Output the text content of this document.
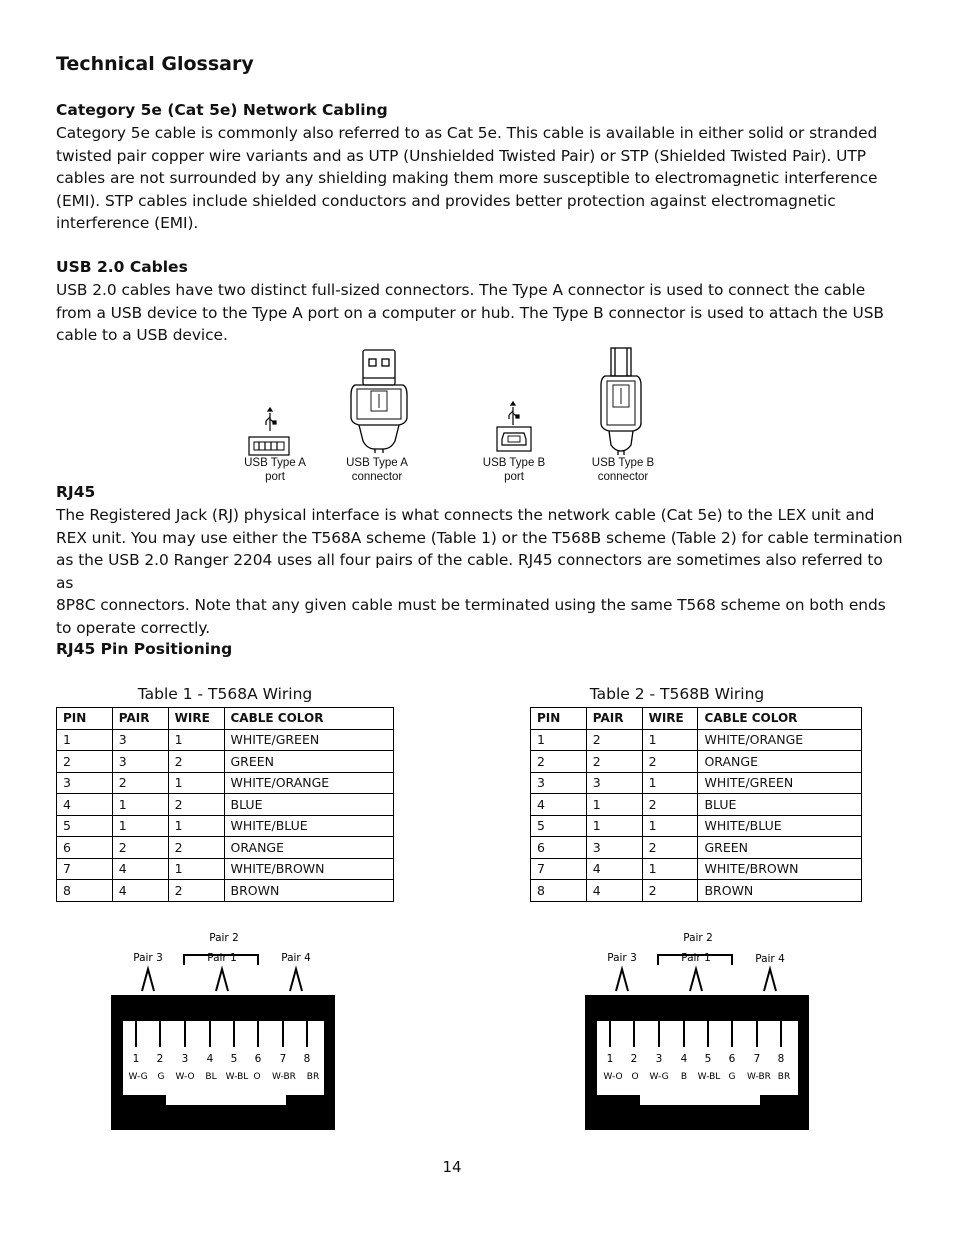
Technical Glossary
Category 5e (Cat 5e) Network Cabling
Category 5e cable is commonly also referred to as Cat 5e. This cable is available in either solid or stranded
twisted pair copper wire variants and as UTP (Unshielded Twisted Pair) or STP (Shielded Twisted Pair). UTP
cables are not surrounded by any shielding making them more susceptible to electromagnetic interference
(EMI). STP cables include shielded conductors and provides better protection against electromagnetic
interference (EMI).
USB 2.0 Cables
USB 2.0 cables have two distinct full-sized connectors. The Type A connector is used to connect the cable
from a USB device to the Type A port on a computer or hub. The Type B connector is used to attach the USB
cable to a USB device.
USB Type A
port
USB Type A
connector
USB Type B
port
USB Type B
connector
RJ45
The Registered Jack (RJ) physical interface is what connects the network cable (Cat 5e) to the LEX unit and
REX unit. You may use either the T568A scheme (Table 1) or the T568B scheme (Table 2) for cable termination
as the USB 2.0 Ranger 2204 uses all four pairs of the cable. RJ45 connectors are sometimes also referred to as
8P8C connectors. Note that any given cable must be terminated using the same T568 scheme on both ends
to operate correctly.
RJ45 Pin Positioning
Table 1 - T568A Wiring	Table 2 - T568B Wiring
PIN	PAIR	WIRE	CABLE COLOR
1	3	1	WHITE/GREEN
2	3	2	GREEN
3	2	1	WHITE/ORANGE
4	1	2	BLUE
5	1	1	WHITE/BLUE
6	2	2	ORANGE
7	4	1	WHITE/BROWN
8	4	2	BROWN
PIN	PAIR	WIRE	CABLE COLOR
1	2	1	WHITE/ORANGE
2	2	2	ORANGE
3	3	1	WHITE/GREEN
4	1	2	BLUE
5	1	1	WHITE/BLUE
6	3	2	GREEN
7	4	1	WHITE/BROWN
8	4	2	BROWN
Pair 2
Pair 3	Pair 1	Pair 4
1 2 3 4 5 6 7 8
W-G G W-O BL W-BL O W-BR BR
Pair 2
Pair 3	Pair 1	Pair 4
1 2 3 4 5 6 7 8
W-O O W-G B W-BL G W-BR BR
14
